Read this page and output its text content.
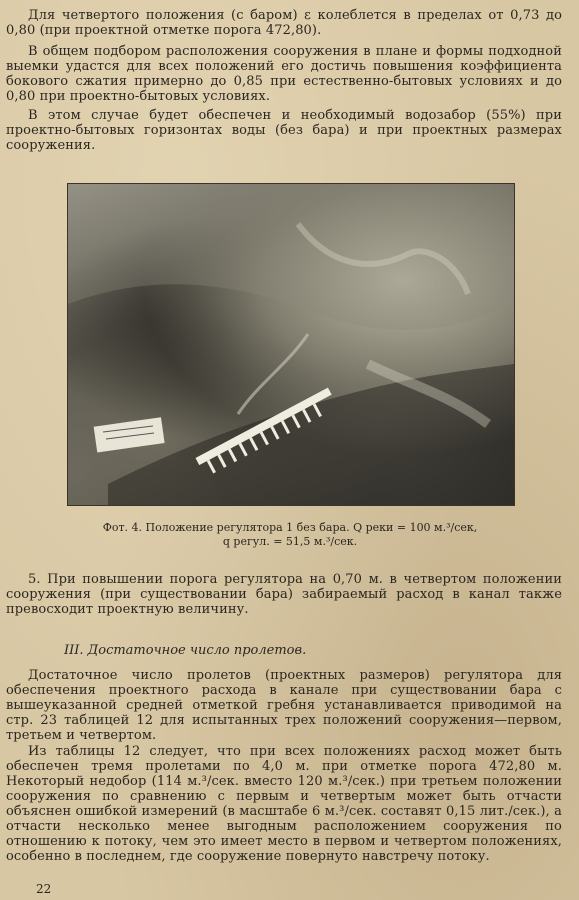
Для четвертого положения (с баром) ε колеблется в пределах от 0,73 до 0,80 (при проектной отметке порога 472,80).

В общем подбором расположения сооружения в плане и формы подходной выемки удастся для всех положений его достичь повышения коэффициента бокового сжатия примерно до 0,85 при естественно-бытовых условиях и до 0,80 при проектно-бытовых условиях.

В этом случае будет обеспечен и необходимый водозабор (55%) при проектно-бытовых горизонтах воды (без бара) и при проектных размерах сооружения.

Фот. 4. Положение регулятора 1 без бара. Q реки = 100 м.³/сек,
q регул. = 51,5 м.³/сек.

5. При повышении порога регулятора на 0,70 м. в четвертом положении сооружения (при существовании бара) забираемый расход в канал также превосходит проектную величину.

III. Достаточное число пролетов.

Достаточное число пролетов (проектных размеров) регулятора для обеспечения проектного расхода в канале при существовании бара с вышеуказанной средней отметкой гребня устанавливается приводимой на стр. 23 таблицей 12 для испытанных трех положений сооружения—первом, третьем и четвертом.

Из таблицы 12 следует, что при всех положениях расход может быть обеспечен тремя пролетами по 4,0 м. при отметке порога 472,80 м. Некоторый недобор (114 м.³/сек. вместо 120 м.³/сек.) при третьем положении сооружения по сравнению с первым и четвертым может быть отчасти объяснен ошибкой измерений (в масштабе 6 м.³/сек. составят 0,15 лит./сек.), а отчасти несколько менее выгодным расположением сооружения по отношению к потоку, чем это имеет место в первом и четвертом положениях, особенно в последнем, где сооружение повернуто навстречу потоку.

22
